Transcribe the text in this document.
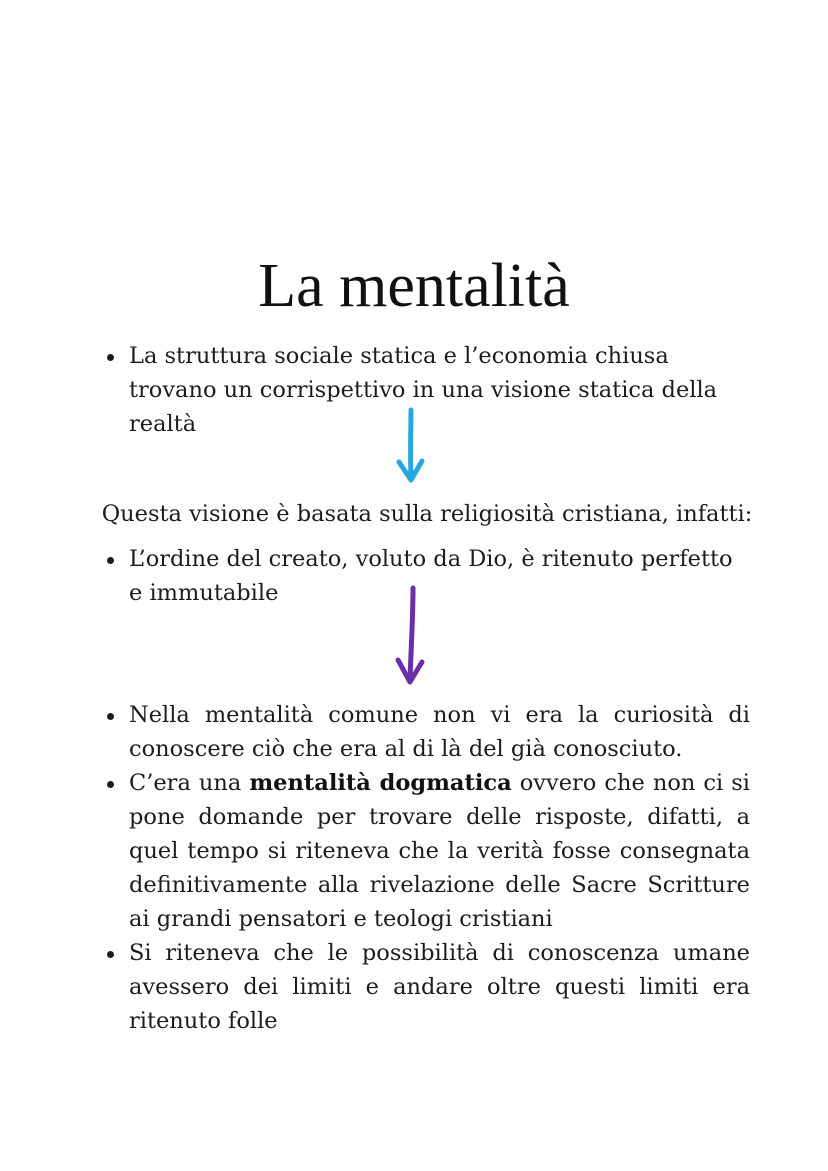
La mentalità
La struttura sociale statica e l’economia chiusa trovano un corrispettivo in una visione statica della realtà

Questa visione è basata sulla religiosità cristiana, infatti:

L’ordine del creato, voluto da Dio, è ritenuto perfetto e immutabile
Nella mentalità comune non vi era la curiosità di conoscere ciò che era al di là del già conosciuto.
C’era una mentalità dogmatica ovvero che non ci si pone domande per trovare delle risposte, difatti, a quel tempo si riteneva che la verità fosse consegnata definitivamente alla rivelazione delle Sacre Scritture ai grandi pensatori e teologi cristiani
Si riteneva che le possibilità di conoscenza umane avessero dei limiti e andare oltre questi limiti era ritenuto folle
